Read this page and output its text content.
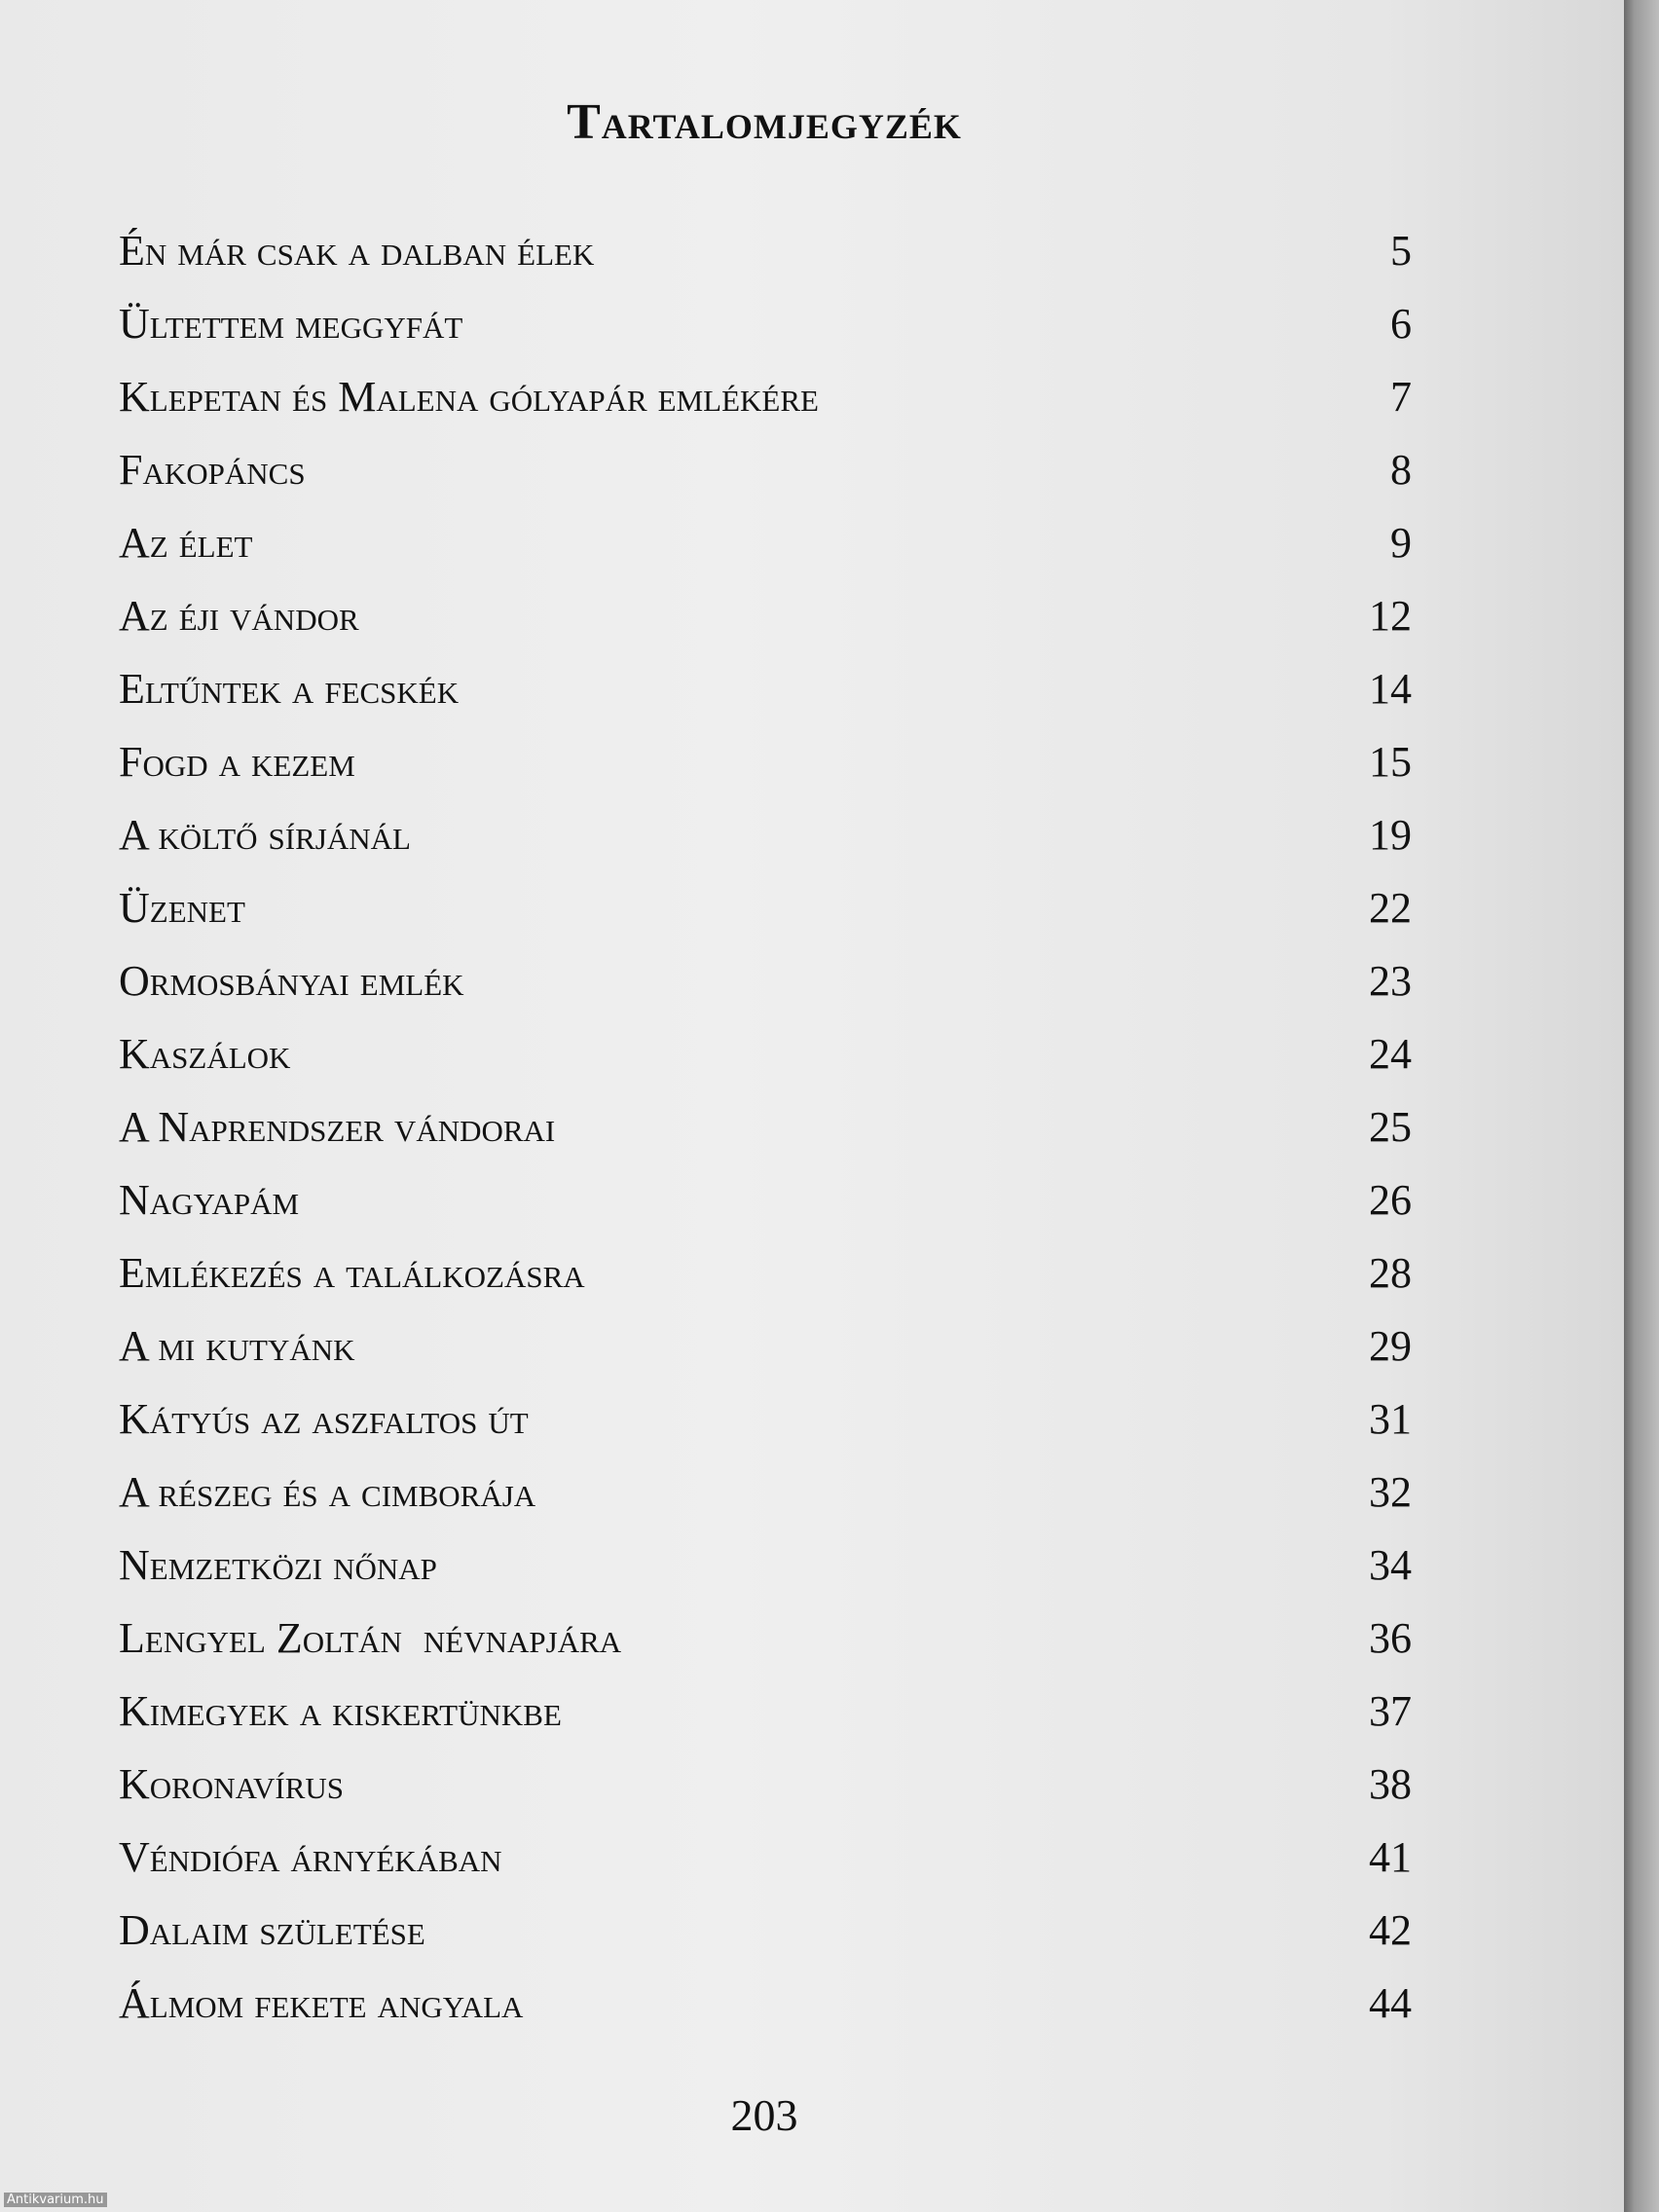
Tartalomjegyzék
Én már csak a dalban élek . . .	5
Ültettem meggyfát . . .	6
Klepetan és Malena gólyapár emlékére . . .	7
Fakopáncs . . .	8
Az élet . . .	9
Az éji vándor . . .	12
Eltűntek a fecskék . . .	14
Fogd a kezem . . .	15
A költő sírjánál . . .	19
Üzenet . . .	22
Ormosbányai emlék . . .	23
Kaszálok . . .	24
A Naprendszer vándorai . . .	25
Nagyapám . . .	26
Emlékezés a találkozásra . . .	28
A mi kutyánk . . .	29
Kátyús az aszfaltos út . . .	31
A részeg és a cimborája . . .	32
Nemzetközi nőnap . . .	34
Lengyel Zoltán  névnapjára . . .	36
Kimegyek a kiskertünkbe . . .	37
Koronavírus . . .	38
Véndiófa árnyékában . . .	41
Dalaim születése . . .	42
Álmom fekete angyala . . .	44
203
Antikvarium.hu
